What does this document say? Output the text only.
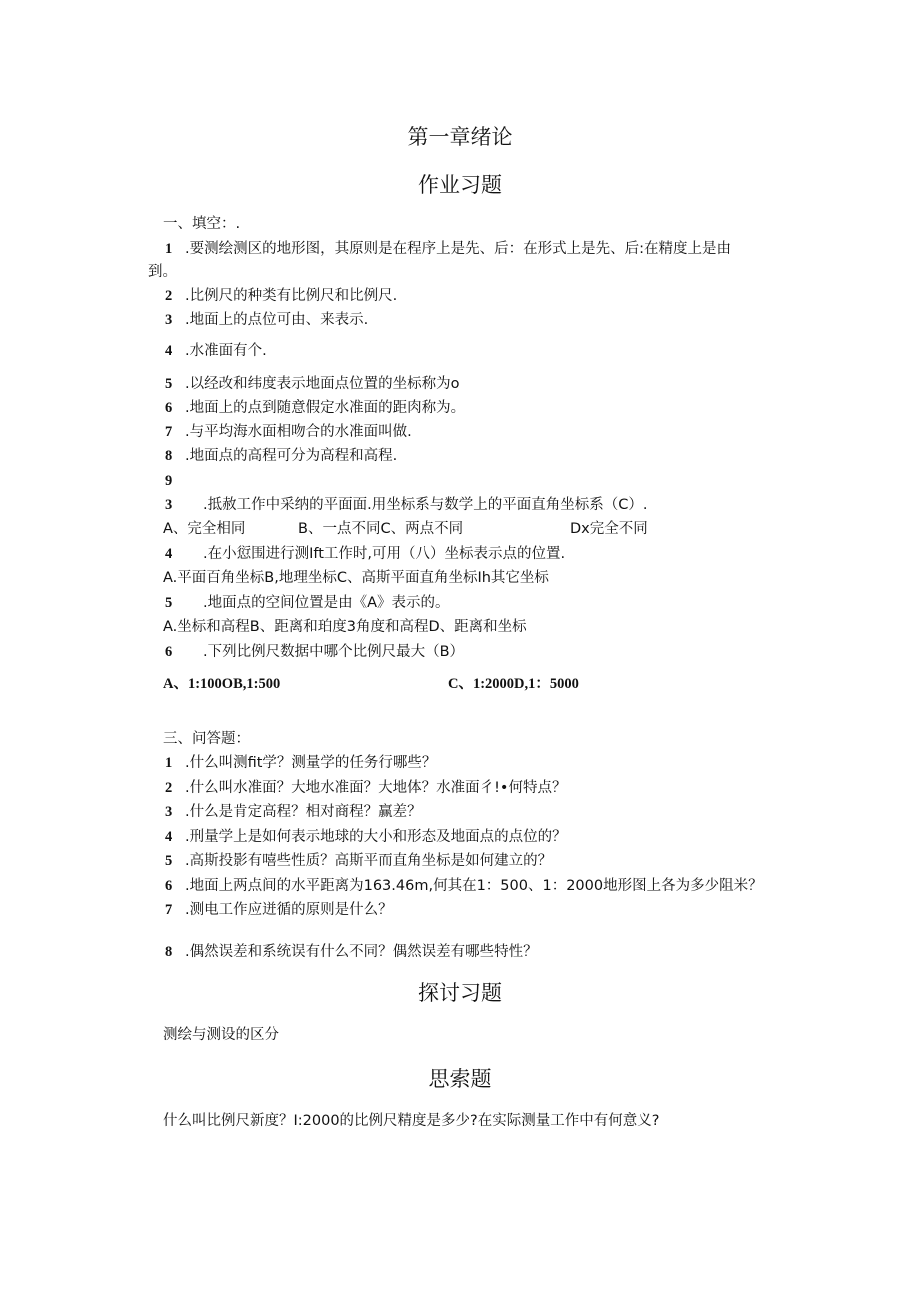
第一章绪论
作业习题
一、填空：.
1 .要测绘测区的地形图，其原则是在程序上是先、后：在形式上是先、后:在精度上是由
到。
2 .比例尺的种类有比例尺和比例尺.
3 .地面上的点位可由、来表示.
4 .水准面有个.
5 .以经改和纬度表示地面点位置的坐标称为o
6 .地面上的点到随意假定水准面的距肉称为。
7 .与平均海水面相吻合的水准面叫做.
8 .地面点的高程可分为高程和高程.
9
3 .抵赦工作中采纳的平面面.用坐标系与数学上的平面直角坐标系（C）.
A、完全相同	B、一点不同C、两点不同	Dx完全不同
4 .在小愆围进行测Ift工作时,可用（八）坐标表示点的位置.
A.平面百角坐标B,地理坐标C、高斯平面直角坐标Ih其它坐标
5 .地面点的空间位置是由《A》表示的。
A.坐标和高程B、距离和珀度3角度和高程D、距离和坐标
6 .下列比例尺数据中哪个比例尺最大（B）
A、1:100OB,1:500	C、1:2000D,1：5000
三、问答题：
1 .什么叫测fit学？测量学的任务行哪些？
2 .什么叫水准面？大地水准面？大地体？水准面彳!•何特点？
3 .什么是肯定高程？相对商程？赢差？
4 .刑量学上是如何表示地球的大小和形态及地面点的点位的？
5 .高斯投影有嘻些性质？高斯平而直角坐标是如何建立的？
6 .地面上两点间的水平距离为163.46m,何其在1：500、1：2000地形图上各为多少阻米？
7 .测电工作应迸循的原则是什么？
8 .偶然误差和系统误有什么不同？偶然误差有哪些特性？
探讨习题
测绘与测设的区分
思索题
什么叫比例尺新度？I:2000的比例尺精度是多少?在实际测量工作中有何意义?
